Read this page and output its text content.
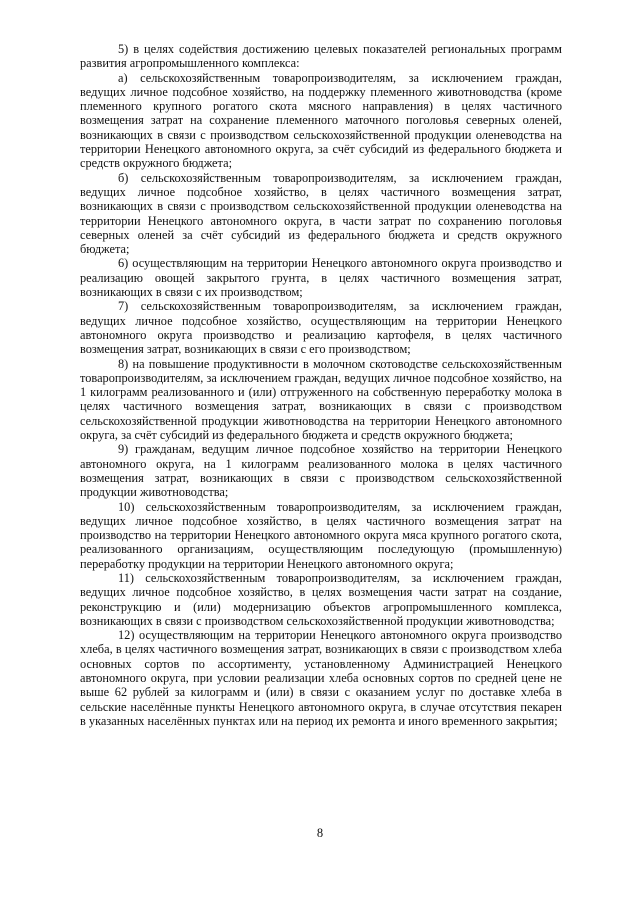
5) в целях содействия достижению целевых показателей региональных программ развития агропромышленного комплекса:

а) сельскохозяйственным товаропроизводителям, за исключением граждан, ведущих личное подсобное хозяйство, на поддержку племенного животноводства (кроме племенного крупного рогатого скота мясного направления) в целях частичного возмещения затрат на сохранение племенного маточного поголовья северных оленей, возникающих в связи с производством сельскохозяйственной продукции оленеводства на территории Ненецкого автономного округа, за счёт субсидий из федерального бюджета и средств окружного бюджета;

б) сельскохозяйственным товаропроизводителям, за исключением граждан, ведущих личное подсобное хозяйство, в целях частичного возмещения затрат, возникающих в связи с производством сельскохозяйственной продукции оленеводства на территории Ненецкого автономного округа, в части затрат по сохранению поголовья северных оленей за счёт субсидий из федерального бюджета и средств окружного бюджета;

6) осуществляющим на территории Ненецкого автономного округа производство и реализацию овощей закрытого грунта, в целях частичного возмещения затрат, возникающих в связи с их производством;

7) сельскохозяйственным товаропроизводителям, за исключением граждан, ведущих личное подсобное хозяйство, осуществляющим на территории Ненецкого автономного округа производство и реализацию картофеля, в целях частичного возмещения затрат, возникающих в связи с его производством;

8) на повышение продуктивности в молочном скотоводстве сельскохозяйственным товаропроизводителям, за исключением граждан, ведущих личное подсобное хозяйство, на 1 килограмм реализованного и (или) отгруженного на собственную переработку молока в целях частичного возмещения затрат, возникающих в связи с производством сельскохозяйственной продукции животноводства на территории Ненецкого автономного округа, за счёт субсидий из федерального бюджета и средств окружного бюджета;

9) гражданам, ведущим личное подсобное хозяйство на территории Ненецкого автономного округа, на 1 килограмм реализованного молока в целях частичного возмещения затрат, возникающих в связи с производством сельскохозяйственной продукции животноводства;

10) сельскохозяйственным товаропроизводителям, за исключением граждан, ведущих личное подсобное хозяйство, в целях частичного возмещения затрат на производство на территории Ненецкого автономного округа мяса крупного рогатого скота, реализованного организациям, осуществляющим последующую (промышленную) переработку продукции на территории Ненецкого автономного округа;

11) сельскохозяйственным товаропроизводителям, за исключением граждан, ведущих личное подсобное хозяйство, в целях возмещения части затрат на создание, реконструкцию и (или) модернизацию объектов агропромышленного комплекса, возникающих в связи с производством сельскохозяйственной продукции животноводства;

12) осуществляющим на территории Ненецкого автономного округа производство хлеба, в целях частичного возмещения затрат, возникающих в связи с производством хлеба основных сортов по ассортименту, установленному Администрацией Ненецкого автономного округа, при условии реализации хлеба основных сортов по средней цене не выше 62 рублей за килограмм и (или) в связи с оказанием услуг по доставке хлеба в сельские населённые пункты Ненецкого автономного округа, в случае отсутствия пекарен в указанных населённых пунктах или на период их ремонта и иного временного закрытия;

8
